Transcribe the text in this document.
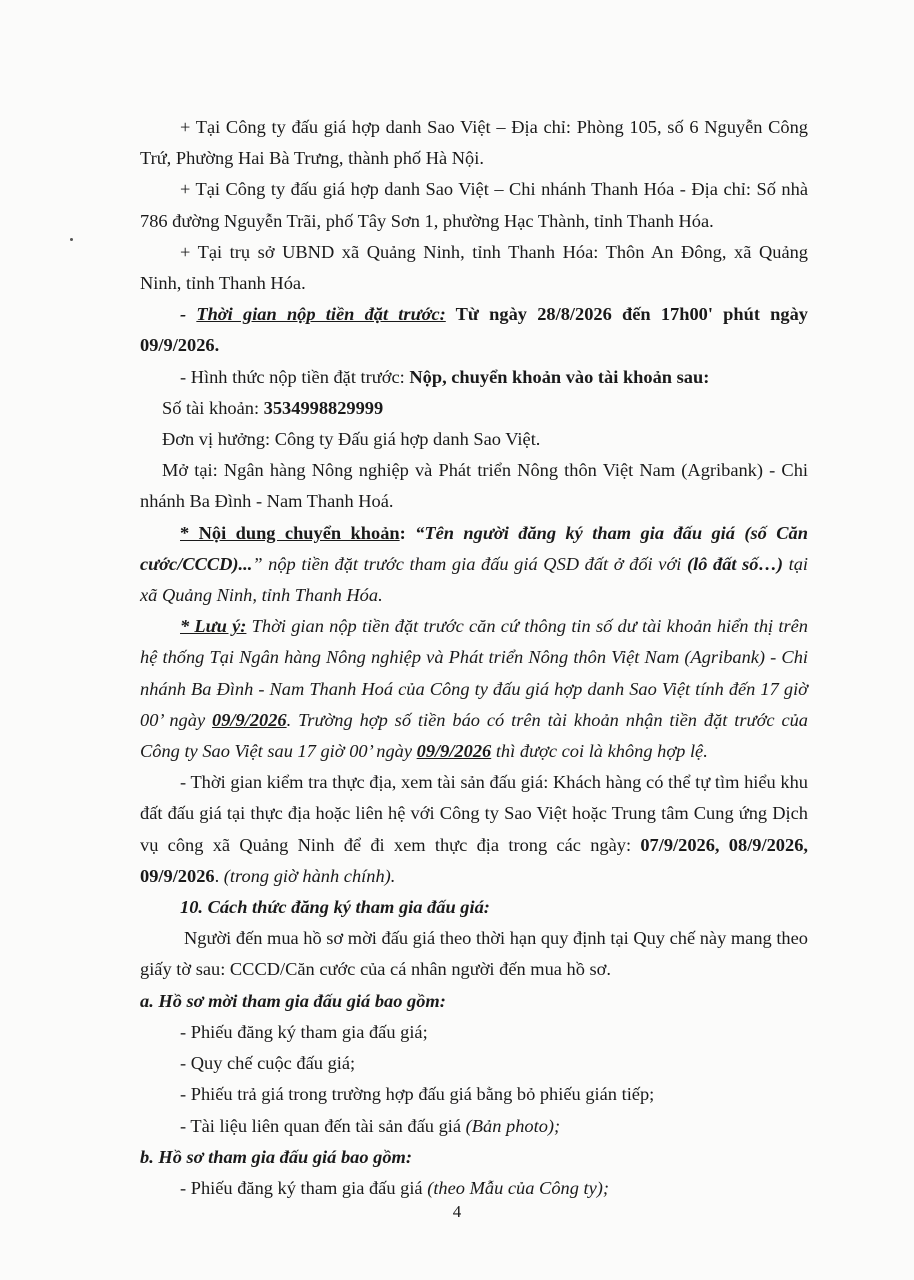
+ Tại Công ty đấu giá hợp danh Sao Việt – Địa chỉ: Phòng 105, số 6 Nguyễn Công Trứ, Phường Hai Bà Trưng, thành phố Hà Nội.

+ Tại Công ty đấu giá hợp danh Sao Việt – Chi nhánh Thanh Hóa - Địa chỉ: Số nhà 786 đường Nguyễn Trãi, phố Tây Sơn 1, phường Hạc Thành, tỉnh Thanh Hóa.

+ Tại trụ sở UBND xã Quảng Ninh, tỉnh Thanh Hóa: Thôn An Đông, xã Quảng Ninh, tỉnh Thanh Hóa.

- Thời gian nộp tiền đặt trước: Từ ngày 28/8/2026 đến 17h00' phút ngày 09/9/2026.

- Hình thức nộp tiền đặt trước: Nộp, chuyển khoản vào tài khoản sau:

Số tài khoản: 3534998829999

Đơn vị hưởng: Công ty Đấu giá hợp danh Sao Việt.

Mở tại: Ngân hàng Nông nghiệp và Phát triển Nông thôn Việt Nam (Agribank) - Chi nhánh Ba Đình - Nam Thanh Hoá.

* Nội dung chuyển khoản: “Tên người đăng ký tham gia đấu giá (số Căn cước/CCCD)...” nộp tiền đặt trước tham gia đấu giá QSD đất ở đối với (lô đất số…) tại xã Quảng Ninh, tỉnh Thanh Hóa.

* Lưu ý: Thời gian nộp tiền đặt trước căn cứ thông tin số dư tài khoản hiển thị trên hệ thống Tại Ngân hàng Nông nghiệp và Phát triển Nông thôn Việt Nam (Agribank) - Chi nhánh Ba Đình - Nam Thanh Hoá của Công ty đấu giá hợp danh Sao Việt tính đến 17 giờ 00’ ngày 09/9/2026. Trường hợp số tiền báo có trên tài khoản nhận tiền đặt trước của Công ty Sao Việt sau 17 giờ 00’ ngày 09/9/2026 thì được coi là không hợp lệ.

- Thời gian kiểm tra thực địa, xem tài sản đấu giá: Khách hàng có thể tự tìm hiểu khu đất đấu giá tại thực địa hoặc liên hệ với Công ty Sao Việt hoặc Trung tâm Cung ứng Dịch vụ công xã Quảng Ninh để đi xem thực địa trong các ngày: 07/9/2026, 08/9/2026, 09/9/2026. (trong giờ hành chính).

10. Cách thức đăng ký tham gia đấu giá:

Người đến mua hồ sơ mời đấu giá theo thời hạn quy định tại Quy chế này mang theo giấy tờ sau: CCCD/Căn cước của cá nhân người đến mua hồ sơ.

a. Hồ sơ mời tham gia đấu giá bao gồm:

- Phiếu đăng ký tham gia đấu giá;

- Quy chế cuộc đấu giá;

- Phiếu trả giá trong trường hợp đấu giá bằng bỏ phiếu gián tiếp;

- Tài liệu liên quan đến tài sản đấu giá (Bản photo);

b. Hồ sơ tham gia đấu giá bao gồm:

- Phiếu đăng ký tham gia đấu giá (theo Mẫu của Công ty);

4
